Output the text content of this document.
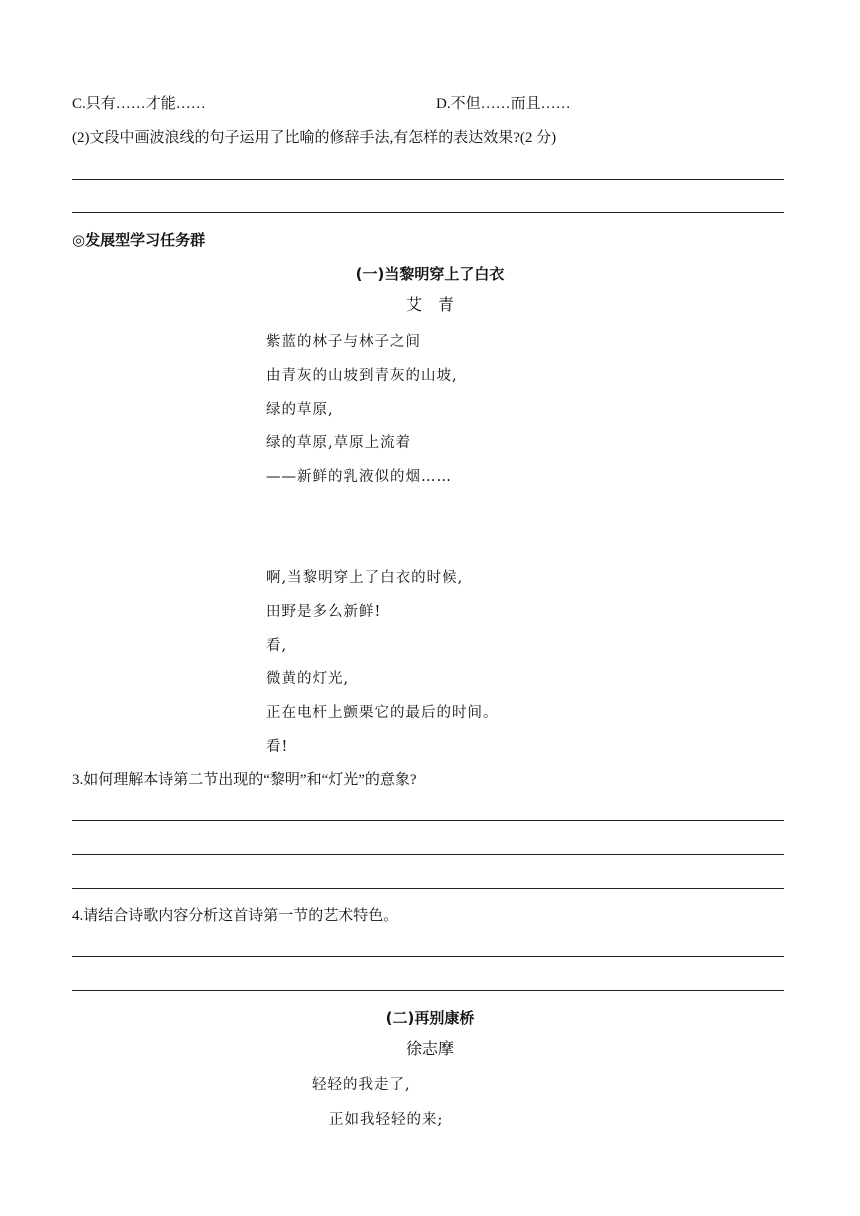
C.只有……才能……	D.不但……而且……
(2)文段中画波浪线的句子运用了比喻的修辞手法,有怎样的表达效果?(2 分)
◎发展型学习任务群
(一)当黎明穿上了白衣
艾　青
紫蓝的林子与林子之间
由青灰的山坡到青灰的山坡,
绿的草原,
绿的草原,草原上流着
——新鲜的乳液似的烟……
啊,当黎明穿上了白衣的时候,
田野是多么新鲜!
看,
微黄的灯光,
正在电杆上颤栗它的最后的时间。
看!
3.如何理解本诗第二节出现的“黎明”和“灯光”的意象?
4.请结合诗歌内容分析这首诗第一节的艺术特色。
(二)再别康桥
徐志摩
轻轻的我走了,
正如我轻轻的来;
